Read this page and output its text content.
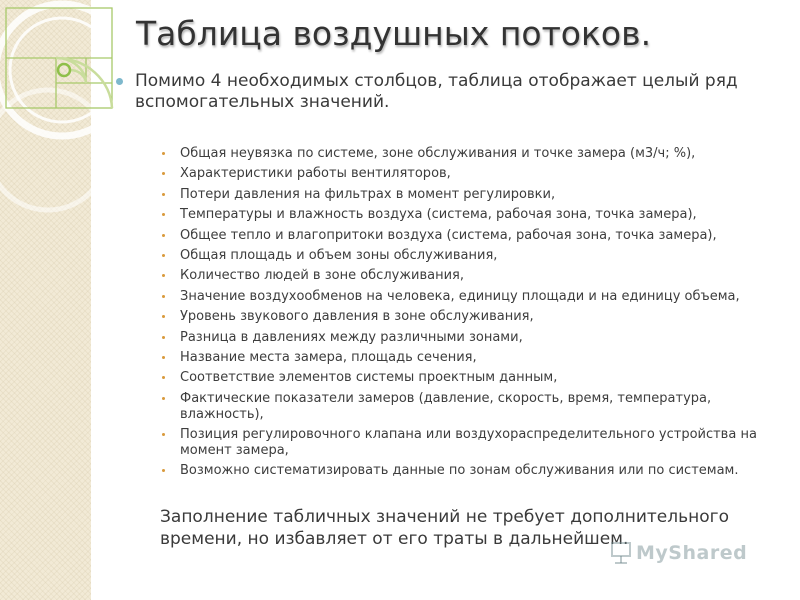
Таблица воздушных потоков.
Помимо 4 необходимых столбцов, таблица отображает целый ряд вспомогательных значений.
Общая неувязка по системе, зоне обслуживания и точке замера (м3/ч; %),
Характеристики работы вентиляторов,
Потери давления на фильтрах в момент регулировки,
Температуры и влажность воздуха (система, рабочая зона, точка замера),
Общее тепло и влагопритоки воздуха (система, рабочая зона, точка замера),
Общая площадь и объем зоны обслуживания,
Количество людей в зоне обслуживания,
Значение воздухообменов на человека, единицу площади и на единицу объема,
Уровень звукового давления в зоне обслуживания,
Разница в давлениях между различными зонами,
Название места замера, площадь сечения,
Соответствие элементов системы проектным данным,
Фактические показатели замеров (давление, скорость, время, температура, влажность),
Позиция регулировочного клапана или воздухораспределительного устройства на момент замера,
Возможно систематизировать данные по зонам обслуживания или по системам.
Заполнение табличных значений не требует дополнительного времени, но избавляет от его траты в дальнейшем.
MyShared
